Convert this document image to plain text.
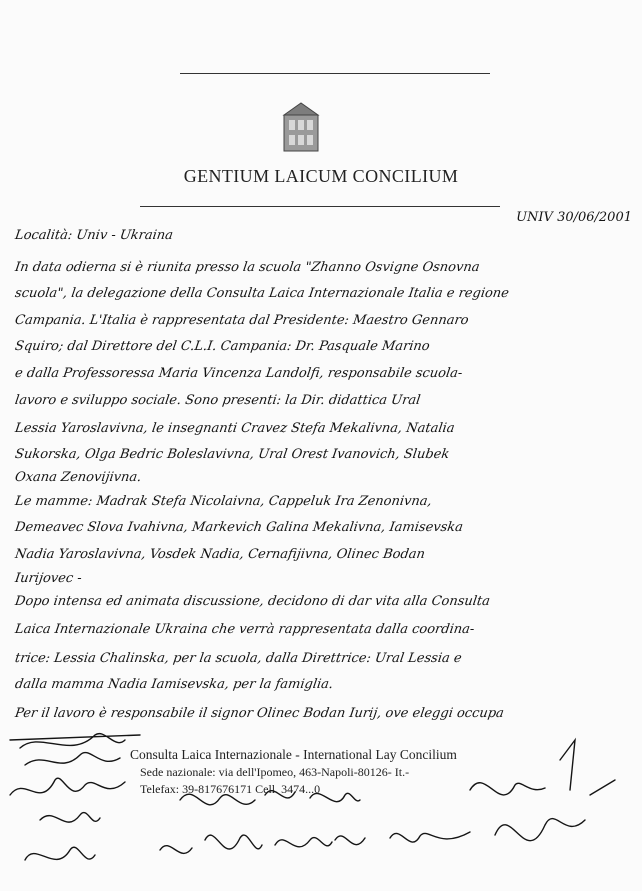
GENTIUM LAICUM CONCILIUM
UNIV 30/06/2001
Località: Univ - Ukraina
In data odierna si è riunita presso la scuola "Zhanno Osvigne Osnovna
scuola", la delegazione della Consulta Laica Internazionale Italia e regione
Campania. L'Italia è rappresentata dal Presidente: Maestro Gennaro
Squiro; dal Direttore del C.L.I. Campania: Dr. Pasquale Marino
e dalla Professoressa Maria Vincenza Landolfi, responsabile scuola-
lavoro e sviluppo sociale. Sono presenti: la Dir. didattica Ural
Lessia Yaroslavivna, le insegnanti Cravez Stefa Mekalivna, Natalia
Sukorska, Olga Bedric Boleslavivna, Ural Orest Ivanovich, Slubek
Oxana Zenovijivna.
Le mamme: Madrak Stefa Nicolaivna, Cappeluk Ira Zenonivna,
Demeavec Slova Ivahivna, Markevich Galina Mekalivna, Iamisevska
Nadia Yaroslavivna, Vosdek Nadia, Cernafijivna, Olinec Bodan
Iurijovec -
Dopo intensa ed animata discussione, decidono di dar vita alla Consulta
Laica Internazionale Ukraina che verrà rappresentata dalla coordina-
trice: Lessia Chalinska, per la scuola, dalla Direttrice: Ural Lessia e
dalla mamma Nadia Iamisevska, per la famiglia.
Per il lavoro è responsabile il signor Olinec Bodan Iurij, ove eleggi occupa
Consulta Laica Internazionale - International Lay Concilium
Sede nazionale: via dell'Ipomeo, 463-Napoli-80126- It.-
Telefax: 39-817676171 Cell. 3474...0
